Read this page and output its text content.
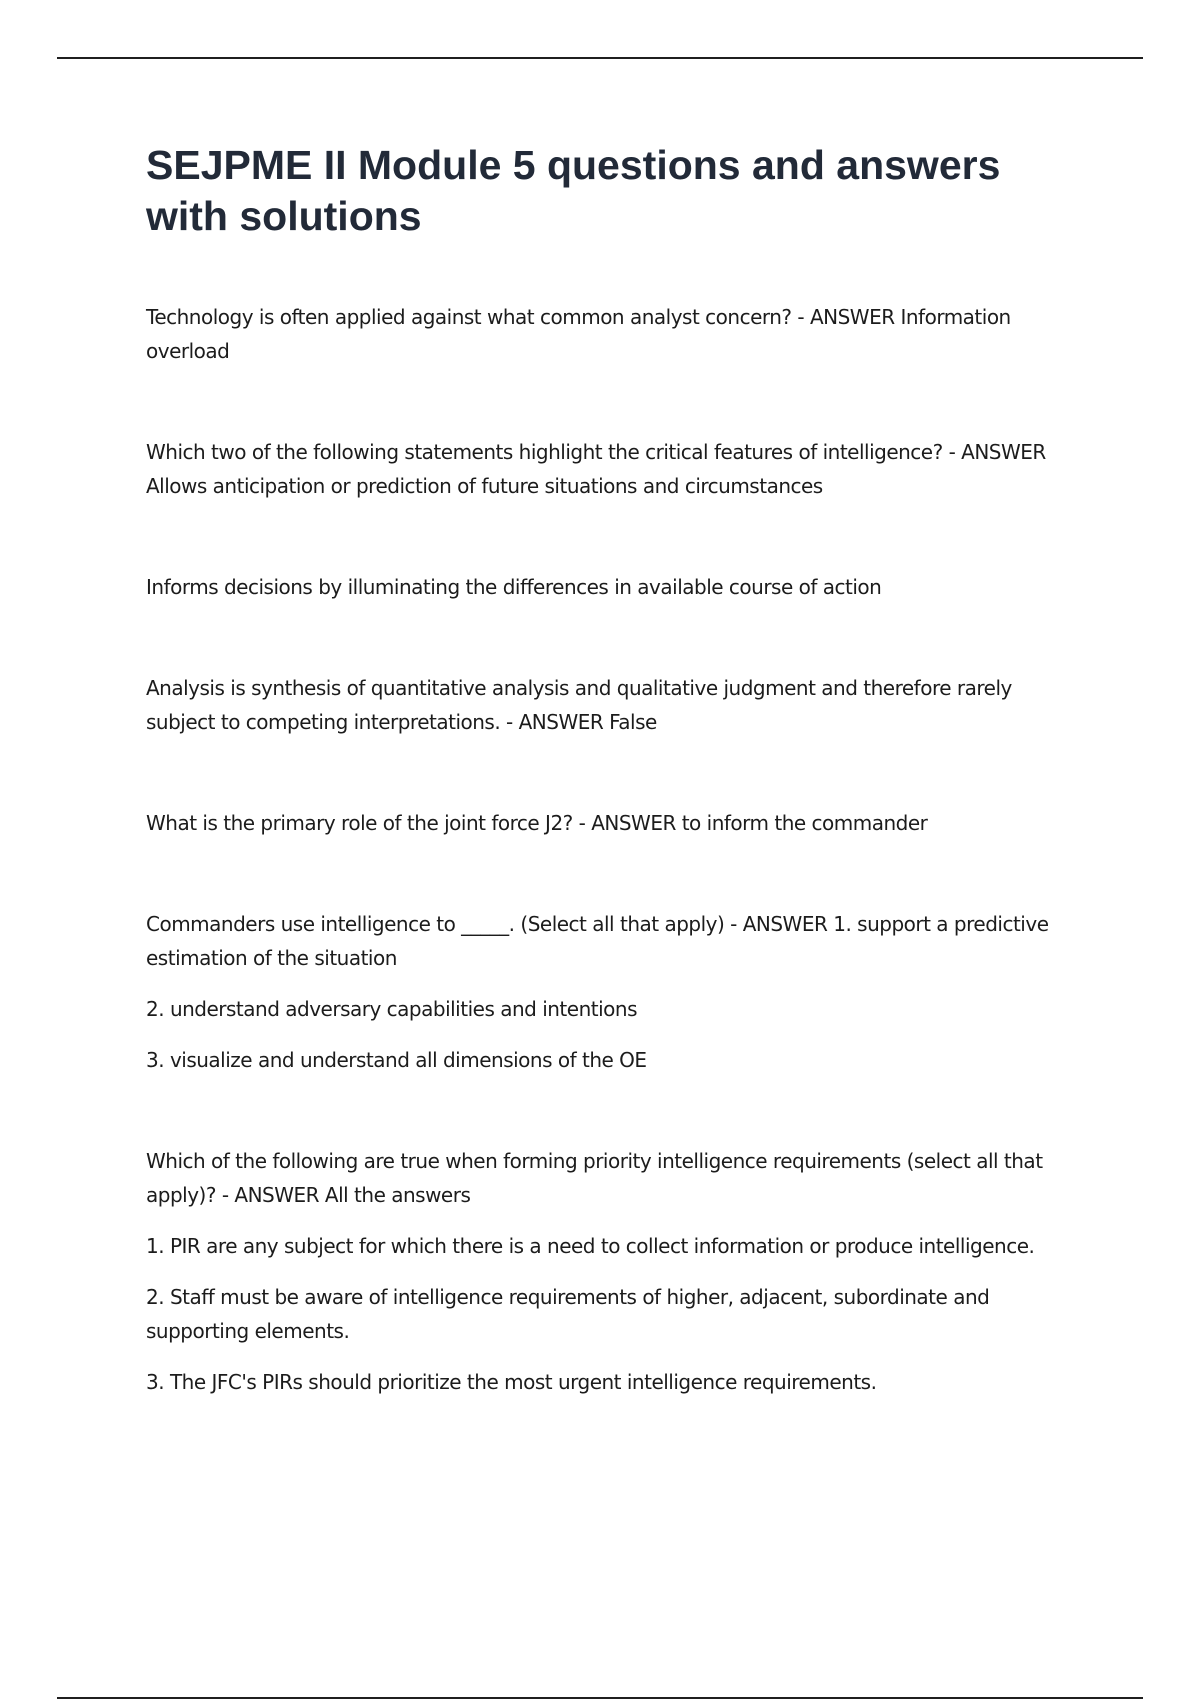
SEJPME II Module 5 questions and answers with solutions

Technology is often applied against what common analyst concern? - ANSWER Information overload

Which two of the following statements highlight the critical features of intelligence? - ANSWER Allows anticipation or prediction of future situations and circumstances

Informs decisions by illuminating the differences in available course of action

Analysis is synthesis of quantitative analysis and qualitative judgment and therefore rarely subject to competing interpretations. - ANSWER False

What is the primary role of the joint force J2? - ANSWER to inform the commander

Commanders use intelligence to _____. (Select all that apply) - ANSWER 1. support a predictive estimation of the situation

2. understand adversary capabilities and intentions

3. visualize and understand all dimensions of the OE

Which of the following are true when forming priority intelligence requirements (select all that apply)? - ANSWER All the answers

1. PIR are any subject for which there is a need to collect information or produce intelligence.

2. Staff must be aware of intelligence requirements of higher, adjacent, subordinate and supporting elements.

3. The JFC's PIRs should prioritize the most urgent intelligence requirements.
